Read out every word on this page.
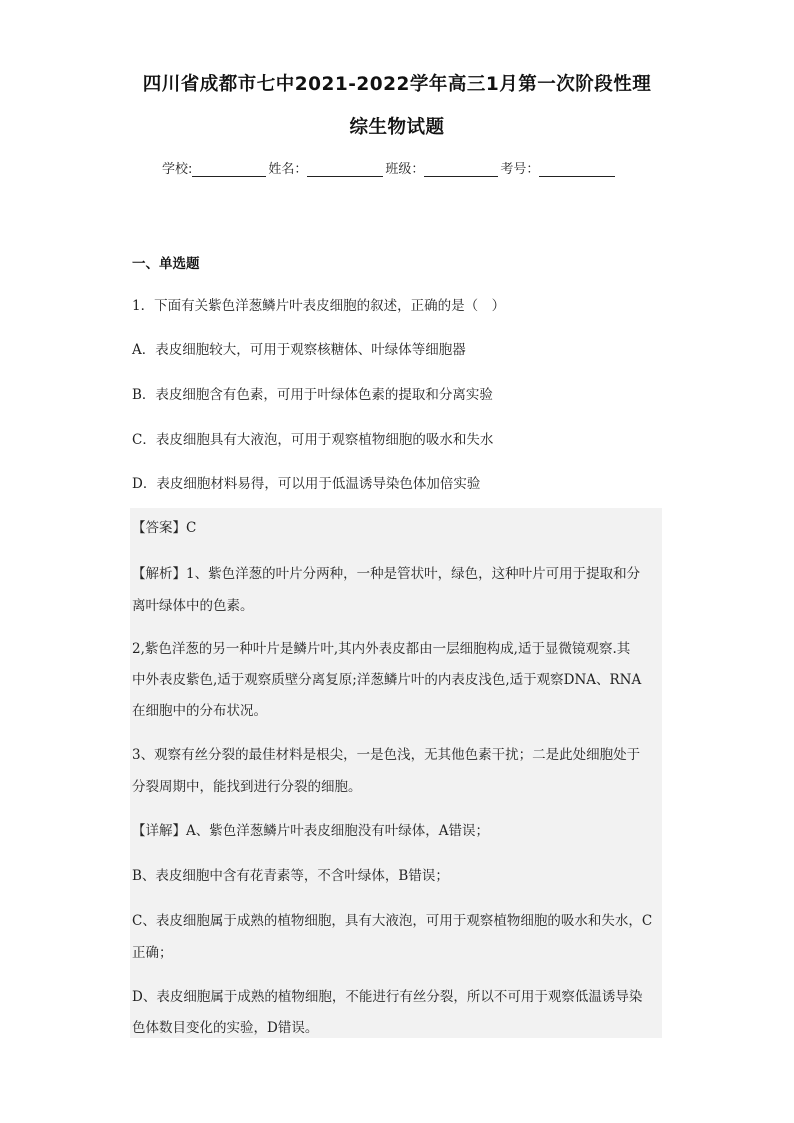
四川省成都市七中2021-2022学年高三1月第一次阶段性理
综生物试题
学校:	姓名：	班级：	考号：
一、单选题
1．下面有关紫色洋葱鳞片叶表皮细胞的叙述，正确的是（　）
A．表皮细胞较大，可用于观察核糖体、叶绿体等细胞器
B．表皮细胞含有色素，可用于叶绿体色素的提取和分离实验
C．表皮细胞具有大液泡，可用于观察植物细胞的吸水和失水
D．表皮细胞材料易得，可以用于低温诱导染色体加倍实验
【答案】C
【解析】1、紫色洋葱的叶片分两种，一种是管状叶，绿色，这种叶片可用于提取和分
离叶绿体中的色素。
2,紫色洋葱的另一种叶片是鳞片叶,其内外表皮都由一层细胞构成,适于显微镜观察.其
中外表皮紫色,适于观察质壁分离复原;洋葱鳞片叶的内表皮浅色,适于观察DNA、RNA
在细胞中的分布状况。
3、观察有丝分裂的最佳材料是根尖，一是色浅，无其他色素干扰；二是此处细胞处于
分裂周期中，能找到进行分裂的细胞。
【详解】A、紫色洋葱鳞片叶表皮细胞没有叶绿体，A错误；
B、表皮细胞中含有花青素等，不含叶绿体，B错误；
C、表皮细胞属于成熟的植物细胞，具有大液泡，可用于观察植物细胞的吸水和失水，C
正确；
D、表皮细胞属于成熟的植物细胞，不能进行有丝分裂，所以不可用于观察低温诱导染
色体数目变化的实验，D错误。
